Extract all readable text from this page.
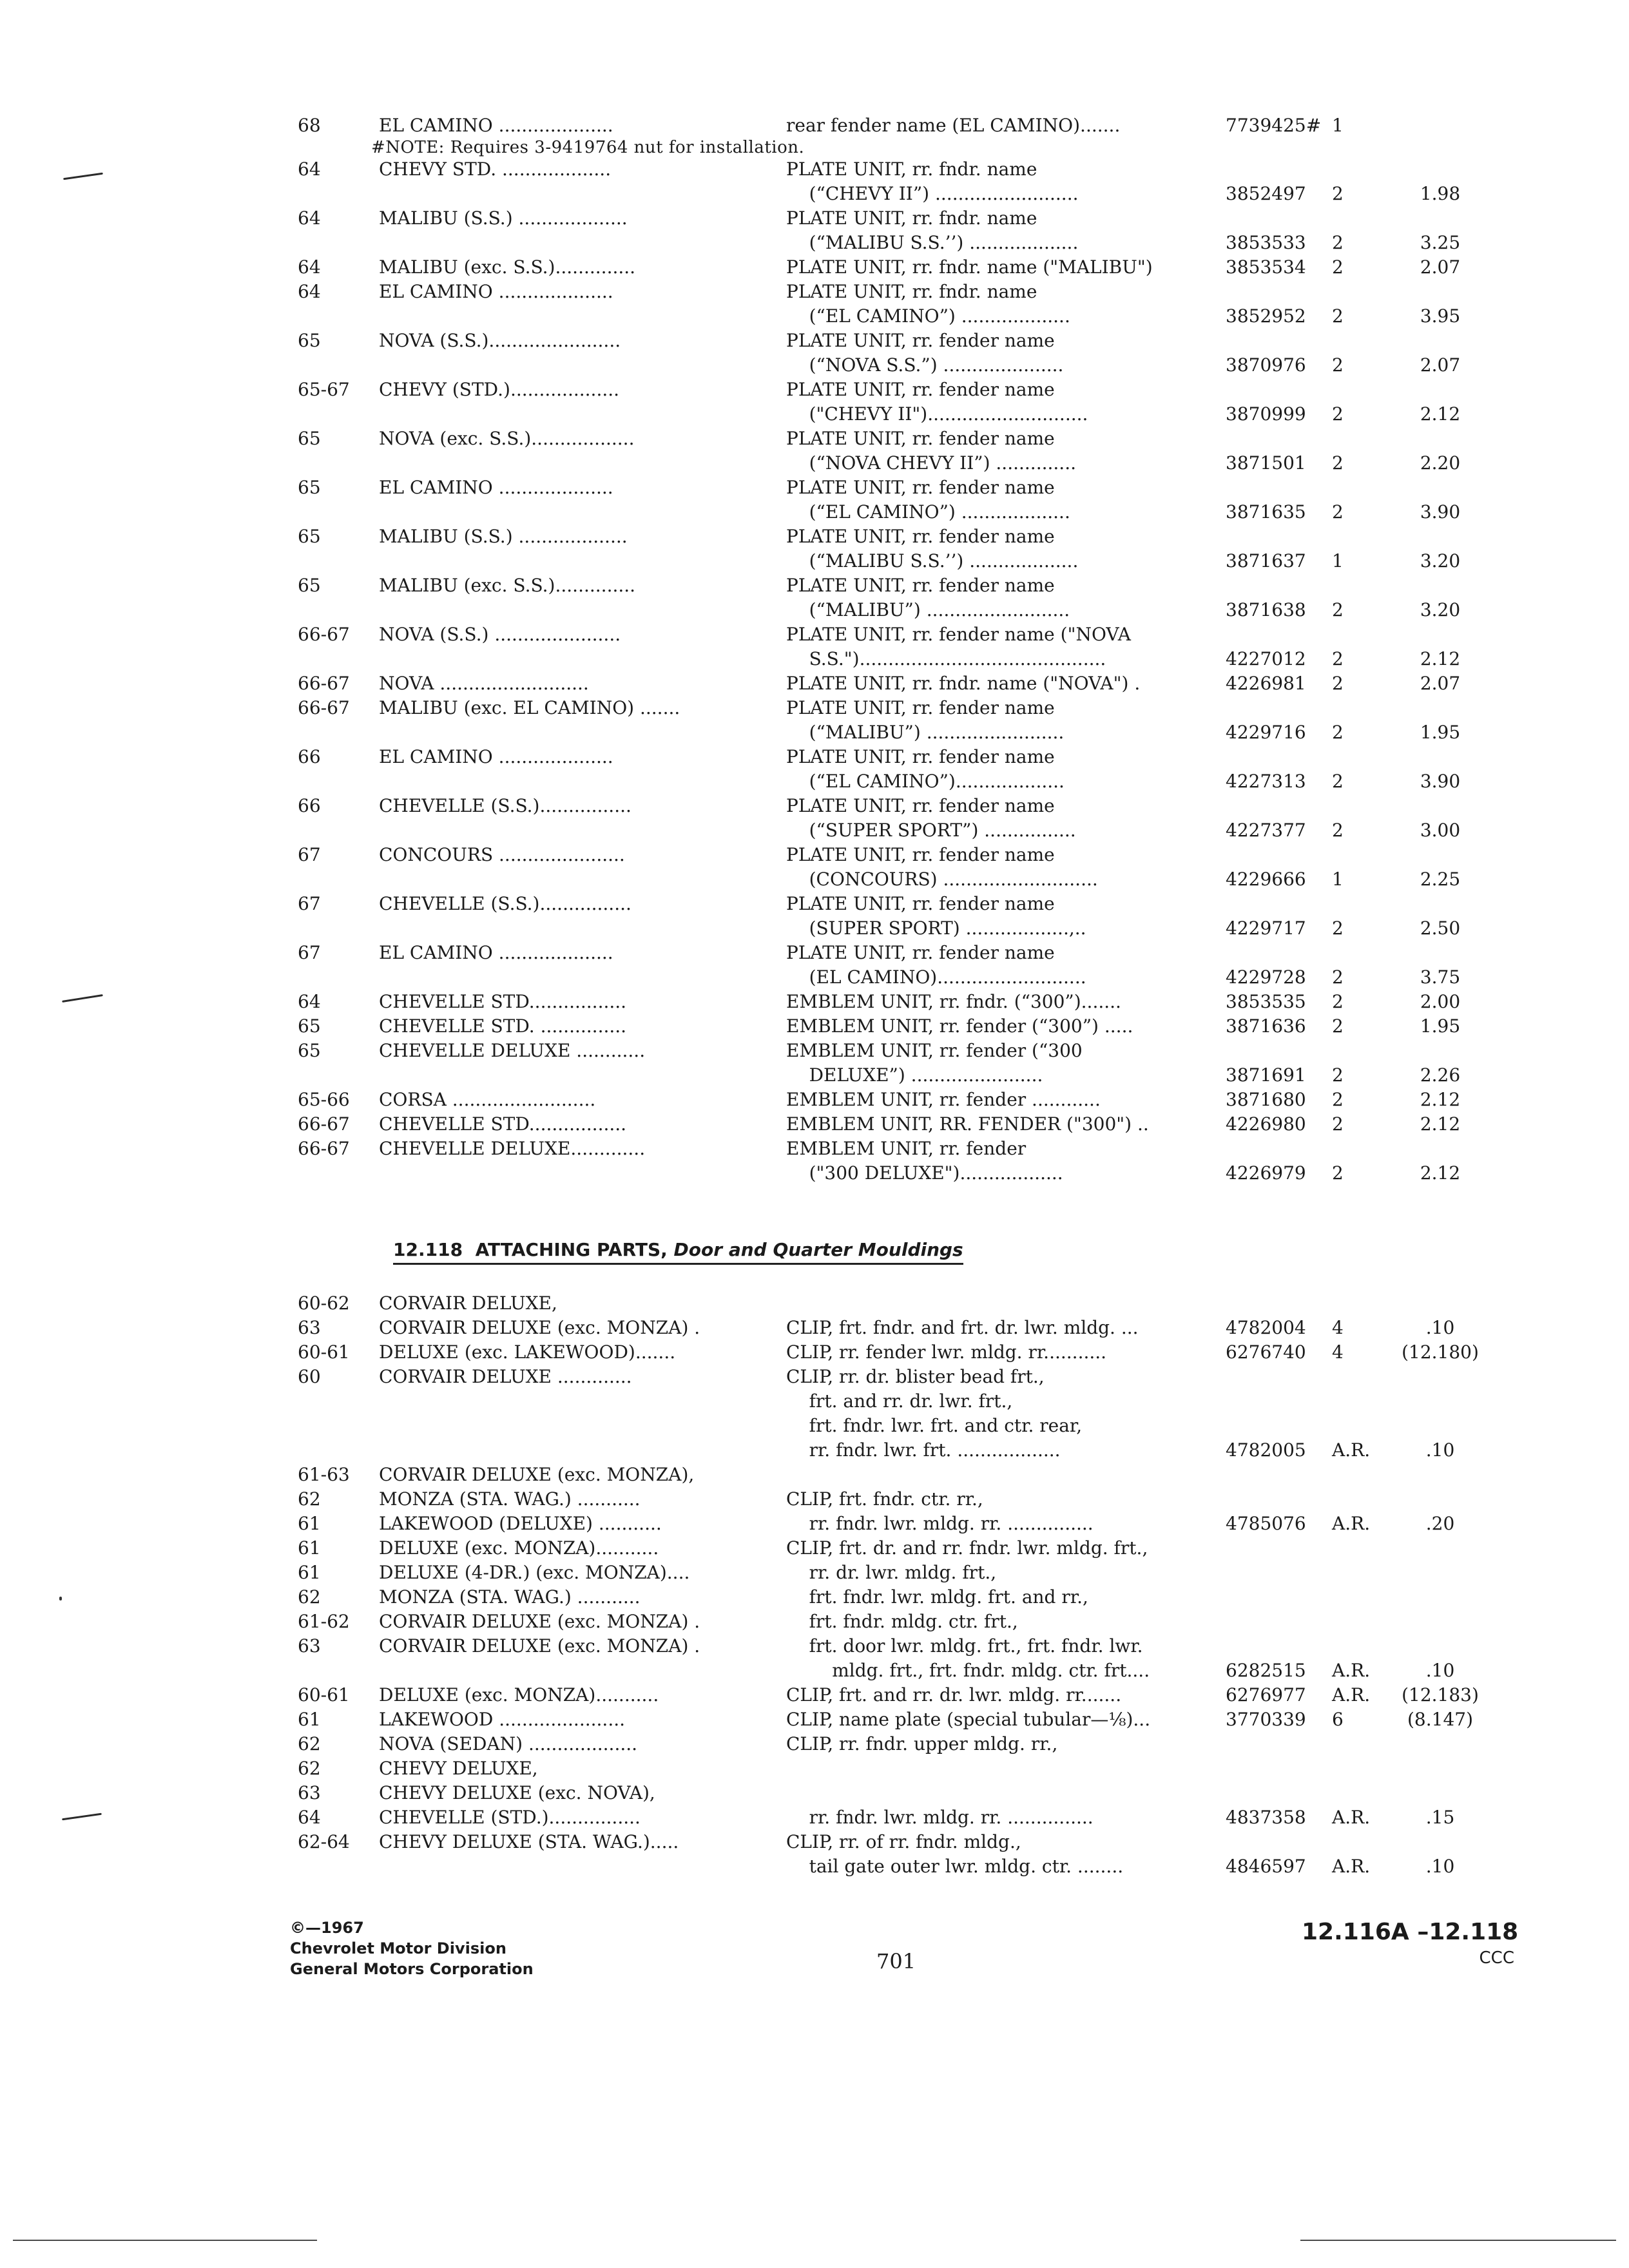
68	EL CAMINO ....................	rear fender name (EL CAMINO).......	7739425# 1
#NOTE: Requires 3-9419764 nut for installation.
64	CHEVY STD. ...................	PLATE UNIT, rr. fndr. name
(“CHEVY II”) .........................	3852497 2	1.98
64	MALIBU (S.S.) ...................	PLATE UNIT, rr. fndr. name
(“MALIBU S.S.’’) ...................	3853533 2	3.25
64	MALIBU (exc. S.S.)..............	PLATE UNIT, rr. fndr. name ("MALIBU")	3853534 2	2.07
64	EL CAMINO ....................	PLATE UNIT, rr. fndr. name
(“EL CAMINO”) ...................	3852952 2	3.95
65	NOVA (S.S.).......................	PLATE UNIT, rr. fender name
(“NOVA S.S.”) .....................	3870976 2	2.07
65-67 CHEVY (STD.)...................	PLATE UNIT, rr. fender name
("CHEVY II")............................	3870999 2	2.12
65	NOVA (exc. S.S.)..................	PLATE UNIT, rr. fender name
(“NOVA CHEVY II”) ..............	3871501 2	2.20
65	EL CAMINO ....................	PLATE UNIT, rr. fender name
(“EL CAMINO”) ...................	3871635 2	3.90
65	MALIBU (S.S.) ...................	PLATE UNIT, rr. fender name
(“MALIBU S.S.’’) ...................	3871637 1	3.20
65	MALIBU (exc. S.S.)..............	PLATE UNIT, rr. fender name
(“MALIBU”) .........................	3871638 2	3.20
66-67 NOVA (S.S.) ......................	PLATE UNIT, rr. fender name ("NOVA
S.S.")...........................................	4227012 2	2.12
66-67 NOVA ..........................	PLATE UNIT, rr. fndr. name ("NOVA") .	4226981 2	2.07
66-67 MALIBU (exc. EL CAMINO) .......	PLATE UNIT, rr. fender name
(“MALIBU”) ........................	4229716 2	1.95
66	EL CAMINO ....................	PLATE UNIT, rr. fender name
(“EL CAMINO”)...................	4227313 2	3.90
66	CHEVELLE (S.S.)................	PLATE UNIT, rr. fender name
(“SUPER SPORT”) ................	4227377 2	3.00
67	CONCOURS ......................	PLATE UNIT, rr. fender name
(CONCOURS) ...........................	4229666 1	2.25
67	CHEVELLE (S.S.)................	PLATE UNIT, rr. fender name
(SUPER SPORT) ..................,..	4229717 2	2.50
67	EL CAMINO ....................	PLATE UNIT, rr. fender name
(EL CAMINO)..........................	4229728 2	3.75
64	CHEVELLE STD.................	EMBLEM UNIT, rr. fndr. (“300”).......	3853535 2	2.00
65	CHEVELLE STD. ...............	EMBLEM UNIT, rr. fender (“300”) .....	3871636 2	1.95
65	CHEVELLE DELUXE ............	EMBLEM UNIT, rr. fender (“300
DELUXE”) .......................	3871691 2	2.26
65-66 CORSA .........................	EMBLEM UNIT, rr. fender ............	3871680 2	2.12
66-67 CHEVELLE STD.................	EMBLEM UNIT, RR. FENDER ("300") ..	4226980 2	2.12
66-67 CHEVELLE DELUXE.............	EMBLEM UNIT, rr. fender
("300 DELUXE")..................	4226979 2	2.12
12.118 ATTACHING PARTS, Door and Quarter Mouldings
60-62 CORVAIR DELUXE,
63	CORVAIR DELUXE (exc. MONZA) .	CLIP, frt. fndr. and frt. dr. lwr. mldg. ...	4782004 4	.10
60-61 DELUXE (exc. LAKEWOOD).......	CLIP, rr. fender lwr. mldg. rr...........	6276740 4	(12.180)
60	CORVAIR DELUXE .............	CLIP, rr. dr. blister bead frt.,
frt. and rr. dr. lwr. frt.,
frt. fndr. lwr. frt. and ctr. rear,
rr. fndr. lwr. frt. ..................	4782005 A.R.	.10
61-63 CORVAIR DELUXE (exc. MONZA),
62	MONZA (STA. WAG.) ...........	CLIP, frt. fndr. ctr. rr.,
61	LAKEWOOD (DELUXE) ...........	rr. fndr. lwr. mldg. rr. ...............	4785076 A.R.	.20
61	DELUXE (exc. MONZA)...........	CLIP, frt. dr. and rr. fndr. lwr. mldg. frt.,
61	DELUXE (4-DR.) (exc. MONZA)....	rr. dr. lwr. mldg. frt.,
62	MONZA (STA. WAG.) ...........	frt. fndr. lwr. mldg. frt. and rr.,
61-62 CORVAIR DELUXE (exc. MONZA) .	frt. fndr. mldg. ctr. frt.,
63	CORVAIR DELUXE (exc. MONZA) .	frt. door lwr. mldg. frt., frt. fndr. lwr.
mldg. frt., frt. fndr. mldg. ctr. frt....	6282515 A.R.	.10
60-61 DELUXE (exc. MONZA)...........	CLIP, frt. and rr. dr. lwr. mldg. rr.......	6276977 A.R.	(12.183)
61	LAKEWOOD ......................	CLIP, name plate (special tubular—⅛)...	3770339 6	(8.147)
62	NOVA (SEDAN) ...................	CLIP, rr. fndr. upper mldg. rr.,
62	CHEVY DELUXE,
63	CHEVY DELUXE (exc. NOVA),
64	CHEVELLE (STD.)................	rr. fndr. lwr. mldg. rr. ...............	4837358 A.R.	.15
62-64 CHEVY DELUXE (STA. WAG.).....	CLIP, rr. of rr. fndr. mldg.,
tail gate outer lwr. mldg. ctr. ........	4846597 A.R.	.10
©—1967
Chevrolet Motor Division
General Motors Corporation	701
12.116A –12.118
CCC
